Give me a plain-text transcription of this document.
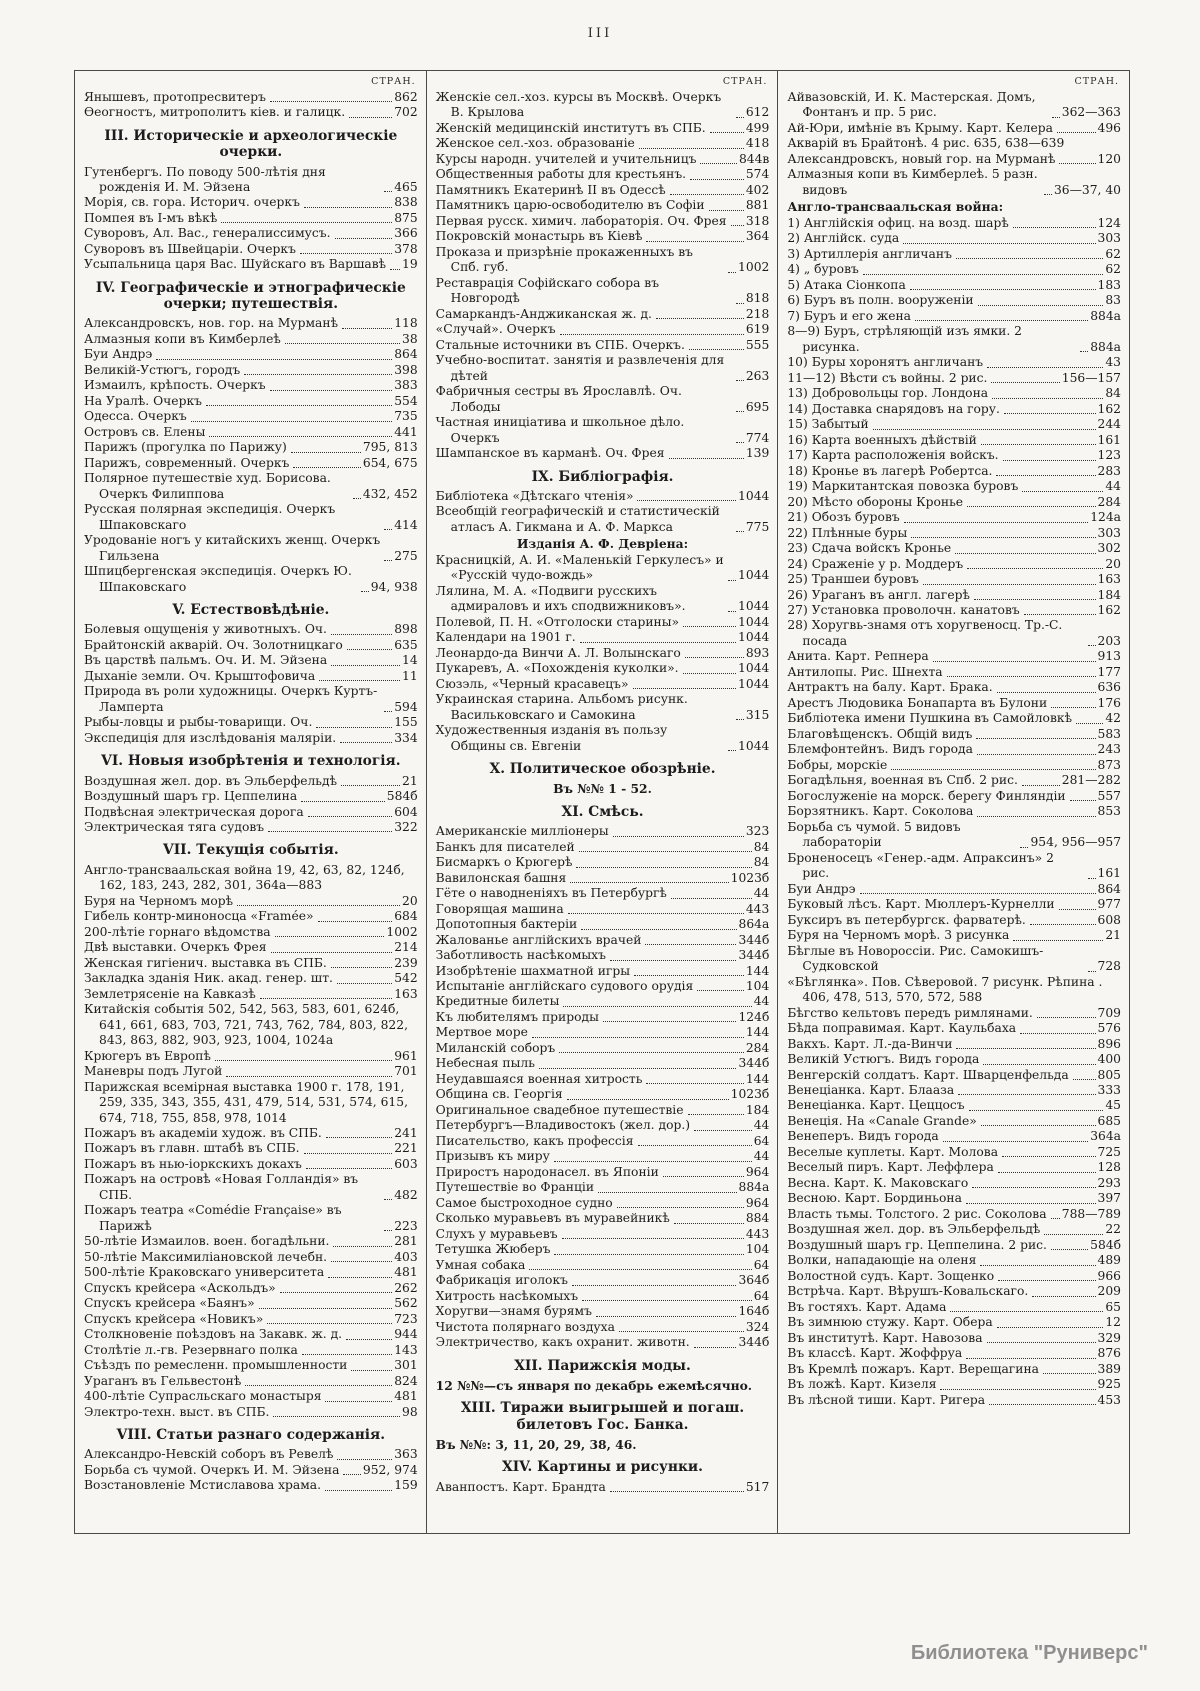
III
СТРАН.
Янышевъ, протопресвитеръ	862
Ѳеогностъ, митрополитъ кіев. и галицк.	702
III. Историческіе и археологическіе очерки.
Гутенбергъ. По поводу 500-лѣтія дня рожденія И. М. Эйзена	465
Морія, св. гора. Историч. очеркъ	838
Помпея въ I-мъ вѣкѣ	875
Суворовъ, Ал. Вас., генералиссимусъ.	366
Суворовъ въ Швейцаріи. Очеркъ	378
Усыпальница царя Вас. Шуйскаго въ Варшавѣ 19
IV. Географическіе и этнографическіе очерки; путешествія.
Александровскъ, нов. гор. на Мурманѣ	118
Алмазныя копи въ Кимберлеѣ	38
Буи Андрэ	864
Великій-Устюгъ, городъ	398
Измаилъ, крѣпость. Очеркъ	383
На Уралѣ. Очеркъ	554
Одесса. Очеркъ	735
Островъ св. Елены	441
Парижъ (прогулка по Парижу)	795, 813
Парижъ, современный. Очеркъ	654, 675
Полярное путешествіе худ. Борисова. Очеркъ Филиппова	432, 452
Русская полярная экспедиція. Очеркъ Шпаковскаго	414
Уродованіе ногъ у китайскихъ женщ. Очеркъ Гильзена	275
Шпицбергенская экспедиція. Очеркъ Ю. Шпаковскаго	94, 938
V. Естествовѣдѣніе.
Болевыя ощущенія у животныхъ. Оч.	898
Брайтонскій акварій. Оч. Золотницкаго	635
Въ царствѣ пальмъ. Оч. И. М. Эйзена	14
Дыханіе земли. Оч. Крыштофовича	11
Природа въ роли художницы. Очеркъ Куртъ-Ламперта	594
Рыбы-ловцы и рыбы-товарищи. Оч.	155
Экспедиція для изслѣдованія маляріи.	334
VI. Новыя изобрѣтенія и технологія.
Воздушная жел. дор. въ Эльберфельдѣ	21
Воздушный шаръ гр. Цеппелина	584б
Подвѣсная электрическая дорога	604
Электрическая тяга судовъ	322
VII. Текущія событія.
Англо-трансваальская война 19, 42, 63, 82, 124б, 162, 183, 243, 282, 301, 364а—883
Буря на Черномъ морѣ	20
Гибель контр-миноносца «Framée»	684
200-лѣтіе горнаго вѣдомства	1002
Двѣ выставки. Очеркъ Фрея	214
Женская гигіенич. выставка въ СПБ.	239
Закладка зданія Ник. акад. генер. шт.	542
Землетрясеніе на Кавказѣ	163
Китайскія событія 502, 542, 563, 583, 601, 624б, 641, 661, 683, 703, 721, 743, 762, 784, 803, 822, 843, 863, 882, 903, 923, 1004, 1024а
Крюгеръ въ Европѣ	961
Маневры подъ Лугой	701
Парижская всемірная выставка 1900 г. 178, 191, 259, 335, 343, 355, 431, 479, 514, 531, 574, 615, 674, 718, 755, 858, 978, 1014
Пожаръ въ академіи худож. въ СПБ.	241
Пожаръ въ главн. штабѣ въ СПБ.	221
Пожаръ въ нью-іоркскихъ докахъ	603
Пожаръ на островѣ «Новая Голландія» въ СПБ.	482
Пожаръ театра «Comédie Française» въ Парижѣ	223
50-лѣтіе Измаилов. воен. богадѣльни.	281
50-лѣтіе Максимиліановской лечебн.	403
500-лѣтіе Краковскаго университета	481
Спускъ крейсера «Аскольдъ»	262
Спускъ крейсера «Баянъ»	562
Спускъ крейсера «Новикъ»	723
Столкновеніе поѣздовъ на Закавк. ж. д.	944
Столѣтіе л.-гв. Резервнаго полка	143
Съѣздъ по ремесленн. промышленности	301
Ураганъ въ Гельвестонѣ	824
400-лѣтіе Супрасльскаго монастыря	481
Электро-техн. выст. въ СПБ.	98
VIII. Статьи разнаго содержанія.
Александро-Невскій соборъ въ Ревелѣ	363
Борьба съ чумой. Очеркъ И. М. Эйзена 952, 974
Возстановленіе Мстиславова храма.	159
СТРАН.
Женскіе сел.-хоз. курсы въ Москвѣ. Очеркъ В. Крылова	612
Женскій медицинскій институтъ въ СПБ.	499
Женское сел.-хоз. образованіе	418
Курсы народн. учителей и учительницъ	844в
Общественныя работы для крестьянъ.	574
Памятникъ Екатеринѣ II въ Одессѣ	402
Памятникъ царю-освободителю въ Софіи	881
Первая русск. химич. лабораторія. Оч. Фрея 318
Покровскій монастырь въ Кіевѣ	364
Проказа и призрѣніе прокаженныхъ въ Спб. губ.	1002
Реставрація Софійскаго собора въ Новгородѣ	818
Самаркандъ-Анджиканская ж. д.	218
«Случай». Очеркъ	619
Стальные источники въ СПБ. Очеркъ.	555
Учебно-воспитат. занятія и развлеченія для дѣтей	263
Фабричныя сестры въ Ярославлѣ. Оч. Лободы	695
Частная иниціатива и школьное дѣло. Очеркъ	774
Шампанское въ карманѣ. Оч. Фрея	139
IX. Библіографія.
Библіотека «Дѣтскаго чтенія»	1044
Всеобщій географическій и статистическій атласъ А. Гикмана и А. Ф. Маркса	775
Изданія А. Ф. Девріена:
Красницкій, А. И. «Маленькій Геркулесъ» и «Русскій чудо-вождь»	1044
Лялина, М. А. «Подвиги русскихъ адмираловъ и ихъ сподвижниковъ».	1044
Полевой, П. Н. «Отголоски старины»	1044
Календари на 1901 г.	1044
Леонардо-да Винчи А. Л. Волынскаго	893
Пукаревъ, А. «Похожденія куколки».	1044
Сюзэль, «Черный красавецъ»	1044
Украинская старина. Альбомъ рисунк. Васильковскаго и Самокина	315
Художественныя изданія въ пользу Общины св. Евгеніи	1044
X. Политическое обозрѣніе.
Въ №№ 1 - 52.
XI. Смѣсь.
Американскіе милліонеры	323
Банкъ для писателей	84
Бисмаркъ о Крюгерѣ	84
Вавилонская башня	1023б
Гёте о наводненіяхъ въ Петербургѣ	44
Говорящая машина	443
Допотопныя бактеріи	864а
Жалованье англійскихъ врачей	344б
Заботливость насѣкомыхъ	344б
Изобрѣтеніе шахматной игры	144
Испытаніе англійскаго судового орудія	104
Кредитные билеты	44
Къ любителямъ природы	124б
Мертвое море	144
Миланскій соборъ	284
Небесная пыль	344б
Неудавшаяся военная хитрость	144
Община св. Георгія	1023б
Оригинальное свадебное путешествіе	184
Петербургъ—Владивостокъ (жел. дор.)	44
Писательство, какъ профессія	64
Призывъ къ миру	44
Приростъ народонасел. въ Японіи	964
Путешествіе во Франціи	884а
Самое быстроходное судно	964
Сколько муравьевъ въ муравейникѣ	884
Слухъ у муравьевъ	443
Тетушка Жюберъ	104
Умная собака	64
Фабрикація иголокъ	364б
Хитрость насѣкомыхъ	64
Хоругви—знамя бурямъ	164б
Чистота полярнаго воздуха	324
Электричество, какъ охранит. животн.	344б
XII. Парижскія моды.
12 №№—съ января по декабрь ежемѣсячно.
XIII. Тиражи выигрышей и погаш. билетовъ Гос. Банка.
Въ №№: 3, 11, 20, 29, 38, 46.
XIV. Картины и рисунки.
Аванпостъ. Карт. Брандта	517
СТРАН.
Айвазовскій, И. К. Мастерская. Домъ, Фонтанъ и пр. 5 рис.	362—363
Ай-Юри, имѣніе въ Крыму. Карт. Келера	496
Акварій въ Брайтонѣ. 4 рис. 635, 638—639
Александровскъ, новый гор. на Мурманѣ	120
Алмазныя копи въ Кимберлеѣ. 5 разн. видовъ	36—37, 40
Англо-трансваальская война:
1) Англійскія офиц. на возд. шарѣ	124
2) Англійск. суда	303
3) Артиллерія англичанъ	62
4) „ буровъ	62
5) Атака Сіонкопа	183
6) Буръ въ полн. вооруженіи	83
7) Буръ и его жена	884а
8—9) Буръ, стрѣляющій изъ ямки. 2 рисунка.	884а
10) Буры хоронятъ англичанъ	43
11—12) Вѣсти съ войны. 2 рис.	156—157
13) Добровольцы гор. Лондона	84
14) Доставка снарядовъ на гору.	162
15) Забытый	244
16) Карта военныхъ дѣйствій	161
17) Карта расположенія войскъ.	123
18) Кронье въ лагерѣ Робертса.	283
19) Маркитантская повозка буровъ	44
20) Мѣсто обороны Кронье	284
21) Обозъ буровъ	124а
22) Плѣнные буры	303
23) Сдача войскъ Кронье	302
24) Сраженіе у р. Моддеръ	20
25) Траншеи буровъ	163
26) Ураганъ въ англ. лагерѣ	184
27) Установка проволочн. канатовъ	162
28) Хоругвь-знамя отъ хоругвеносц. Тр.-С. посада	203
Анита. Карт. Репнера	913
Антилопы. Рис. Шнехта	177
Антрактъ на балу. Карт. Брака.	636
Арестъ Людовика Бонапарта въ Булони	176
Библіотека имени Пушкина въ Самойловкѣ	42
Благовѣщенскъ. Общій видъ	583
Блемфонтейнъ. Видъ города	243
Бобры, морскіе	873
Богадѣльня, военная въ Спб. 2 рис.	281—282
Богослуженіе на морск. берегу Финляндіи	557
Борзятникъ. Карт. Соколова	853
Борьба съ чумой. 5 видовъ лабораторіи	954, 956—957
Броненосецъ «Генер.-адм. Апраксинъ» 2 рис.	161
Буи Андрэ	864
Буковый лѣсъ. Карт. Мюллеръ-Курнелли	977
Буксиръ въ петербургск. фарватерѣ.	608
Буря на Черномъ морѣ. 3 рисунка	21
Бѣглые въ Новороссіи. Рис. Самокишъ-Судковской	728
«Бѣглянка». Пов. Сѣверовой. 7 рисунк. Рѣпина . 406, 478, 513, 570, 572, 588
Бѣгство кельтовъ передъ римлянами.	709
Бѣда поправимая. Карт. Каульбаха	576
Вакхъ. Карт. Л.-да-Винчи	896
Великій Устюгъ. Видъ города	400
Венгерскій солдатъ. Карт. Шварценфельда 805
Венеціанка. Карт. Блааза	333
Венеціанка. Карт. Цеццосъ	45
Венеція. На «Canale Grande»	685
Венеперъ. Видъ города	364а
Веселые куплеты. Карт. Молова	725
Веселый пиръ. Карт. Леффлера	128
Весна. Карт. К. Маковскаго	293
Весною. Карт. Бординьона	397
Власть тьмы. Толстого. 2 рис. Соколова 788—789
Воздушная жел. дор. въ Эльберфельдѣ	22
Воздушный шаръ гр. Цеппелина. 2 рис.	584б
Волки, нападающіе на оленя	489
Волостной судъ. Карт. Зощенко	966
Встрѣча. Карт. Вѣрушъ-Ковальскаго.	209
Въ гостяхъ. Карт. Адама	65
Въ зимнюю стужу. Карт. Обера	12
Въ институтѣ. Карт. Навозова	329
Въ классѣ. Карт. Жоффруа	876
Въ Кремлѣ пожаръ. Карт. Верещагина	389
Въ ложѣ. Карт. Кизеля	925
Въ лѣсной тиши. Карт. Ригера	453
Библиотека "Руниверс"
